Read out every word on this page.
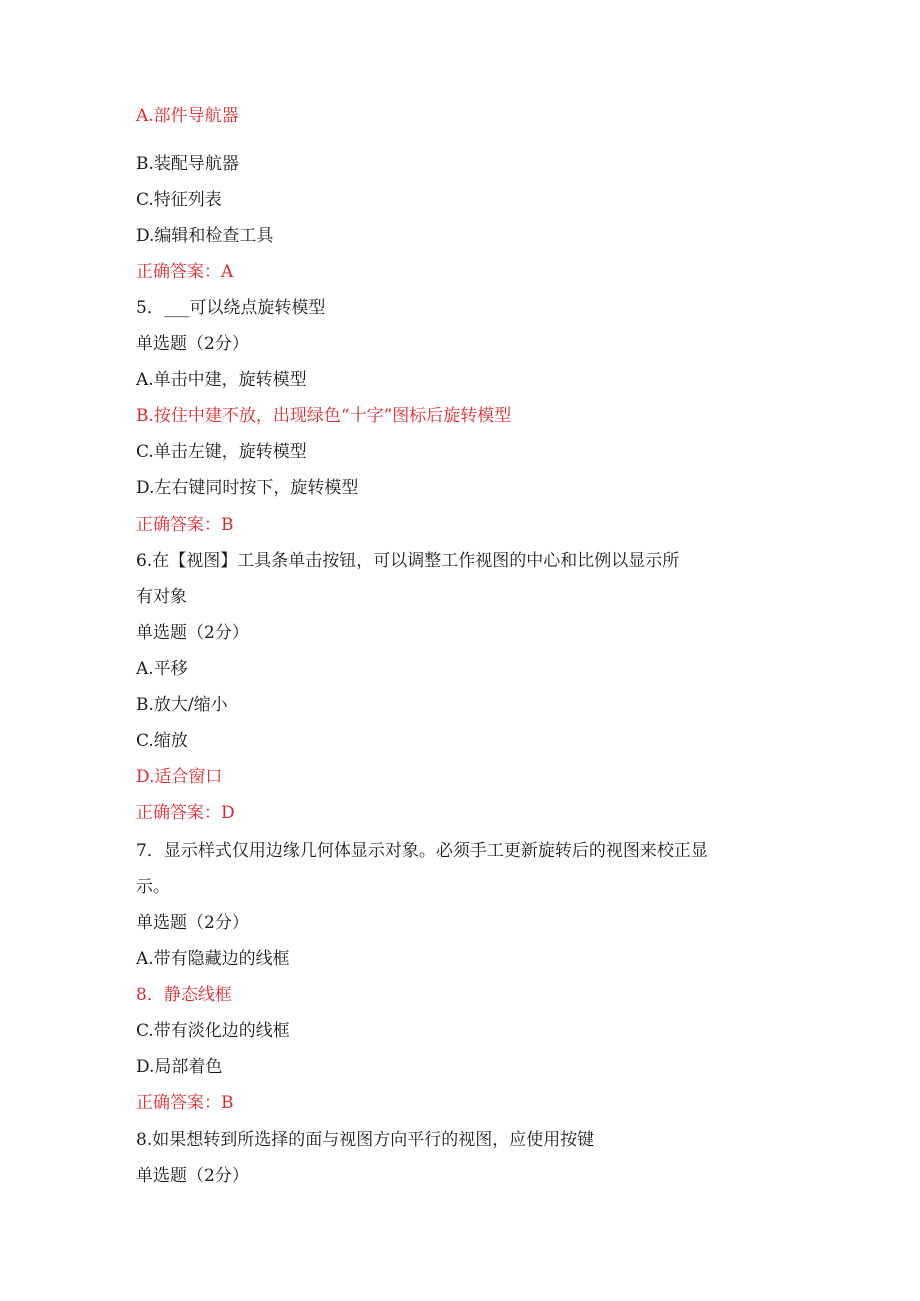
A.部件导航器
B.装配导航器
C.特征列表
D.编辑和检查工具
正确答案：A
5．___可以绕点旋转模型
单选题（2分）
A.单击中建，旋转模型
B.按住中建不放，出现绿色“十字”图标后旋转模型
C.单击左键，旋转模型
D.左右键同时按下，旋转模型
正确答案：B
6.在【视图】工具条单击按钮，可以调整工作视图的中心和比例以显示所
有对象
单选题（2分）
A.平移
B.放大/缩小
C.缩放
D.适合窗口
正确答案：D
7．显示样式仅用边缘几何体显示对象。必须手工更新旋转后的视图来校正显
示。
单选题（2分）
A.带有隐藏边的线框
8．静态线框
C.带有淡化边的线框
D.局部着色
正确答案：B
8.如果想转到所选择的面与视图方向平行的视图，应使用按键
单选题（2分）
